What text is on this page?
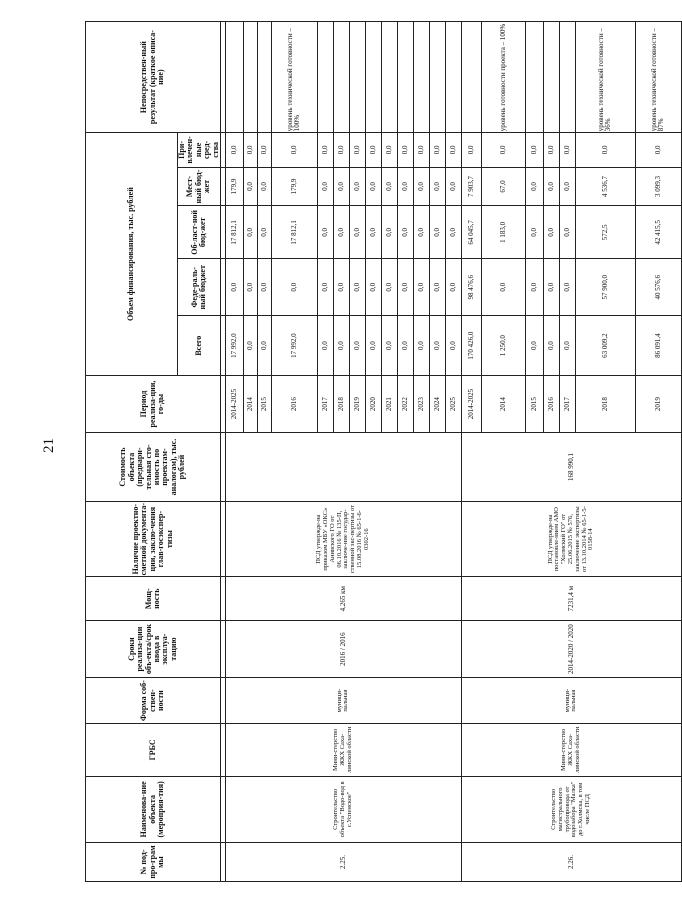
21
№ под-про-грам мы	Наименова-ние объекта (мероприя-тия)	ГРБС	Форма соб-ствен-ности	Сроки реализа-ции объ-екта/срок ввода в эксплуа-тацию	Мощ-ность	Наличие проектно-сметной документа-ции, заклю-чения глав-госэкспер-тизы	Стоимость объекта (предвари-тельная сто-имость по проектам-аналогам), тыс. рублей	Период реализа-ции, го-ды	Объем финансирования, тыс. рублей					Непосредствен-ный результат (краткое описа-ние)
									Всего	Феде-раль-ный бюджет	Об-ласт-ной бюд-жет	Мест-ный бюд-жет	При-влечен-ные сред-ства	

2.25.	Строительство объекта "Водо-вод в с.Успенское"	Мини-стерство ЖКХ Саха-линской области	муници-пальная	2016 / 2016	4,265 км	ПСД утвержде-на приказом МБУ «ОКС» Анивского ГО от 06.10.2016 № 135-П, заключе-ние государ-ственной экс-пертизы от 15.08.2016 № 65-1-6-0302-16		2014-2025	17 992,0	0,0	17 812,1	179,9	0,0	
								2014	0,0	0,0	0,0	0,0	0,0	
								2015	0,0	0,0	0,0	0,0	0,0	
								2016	17 992,0	0,0	17 812,1	179,9	0,0	уровень технической готовности – 100%
								2017	0,0	0,0	0,0	0,0	0,0	
								2018	0,0	0,0	0,0	0,0	0,0	
								2019	0,0	0,0	0,0	0,0	0,0	
								2020	0,0	0,0	0,0	0,0	0,0	
								2021	0,0	0,0	0,0	0,0	0,0	
								2022	0,0	0,0	0,0	0,0	0,0	
								2023	0,0	0,0	0,0	0,0	0,0	
								2024	0,0	0,0	0,0	0,0	0,0	
								2025	0,0	0,0	0,0	0,0	0,0	
2.26.	Строительство магистрального трубопровода от водозабора "Малка" до г.Холмска, в том числе ПСД	Мини-стерство ЖКХ Саха-линской области	муници-пальная	2014-2020 / 2020	7231,4 м	ПСД утвержде-на постановле-нием АМО "Холмский ГО" от 25.06.2015 № 576, заключение экспертизы от 13.10.2014 № 65-1-5-0158-14	168 990,1	2014-2025	170 426,0	98 476,6	64 045,7	7 903,7	0,0	
								2014	1 250,0	0,0	1 183,0	67,0	0,0	уровень готовности проекта – 100%
								2015	0,0	0,0	0,0	0,0	0,0	
								2016	0,0	0,0	0,0	0,0	0,0	
								2017	0,0	0,0	0,0	0,0	0,0	
								2018	63 009,2	57 900,0	572,5	4 536,7	0,0	уровень технической готовности – 36%
								2019	86 091,4	40 576,6	42 415,5	3 099,3	0,0	уровень технической готовности – 87%
